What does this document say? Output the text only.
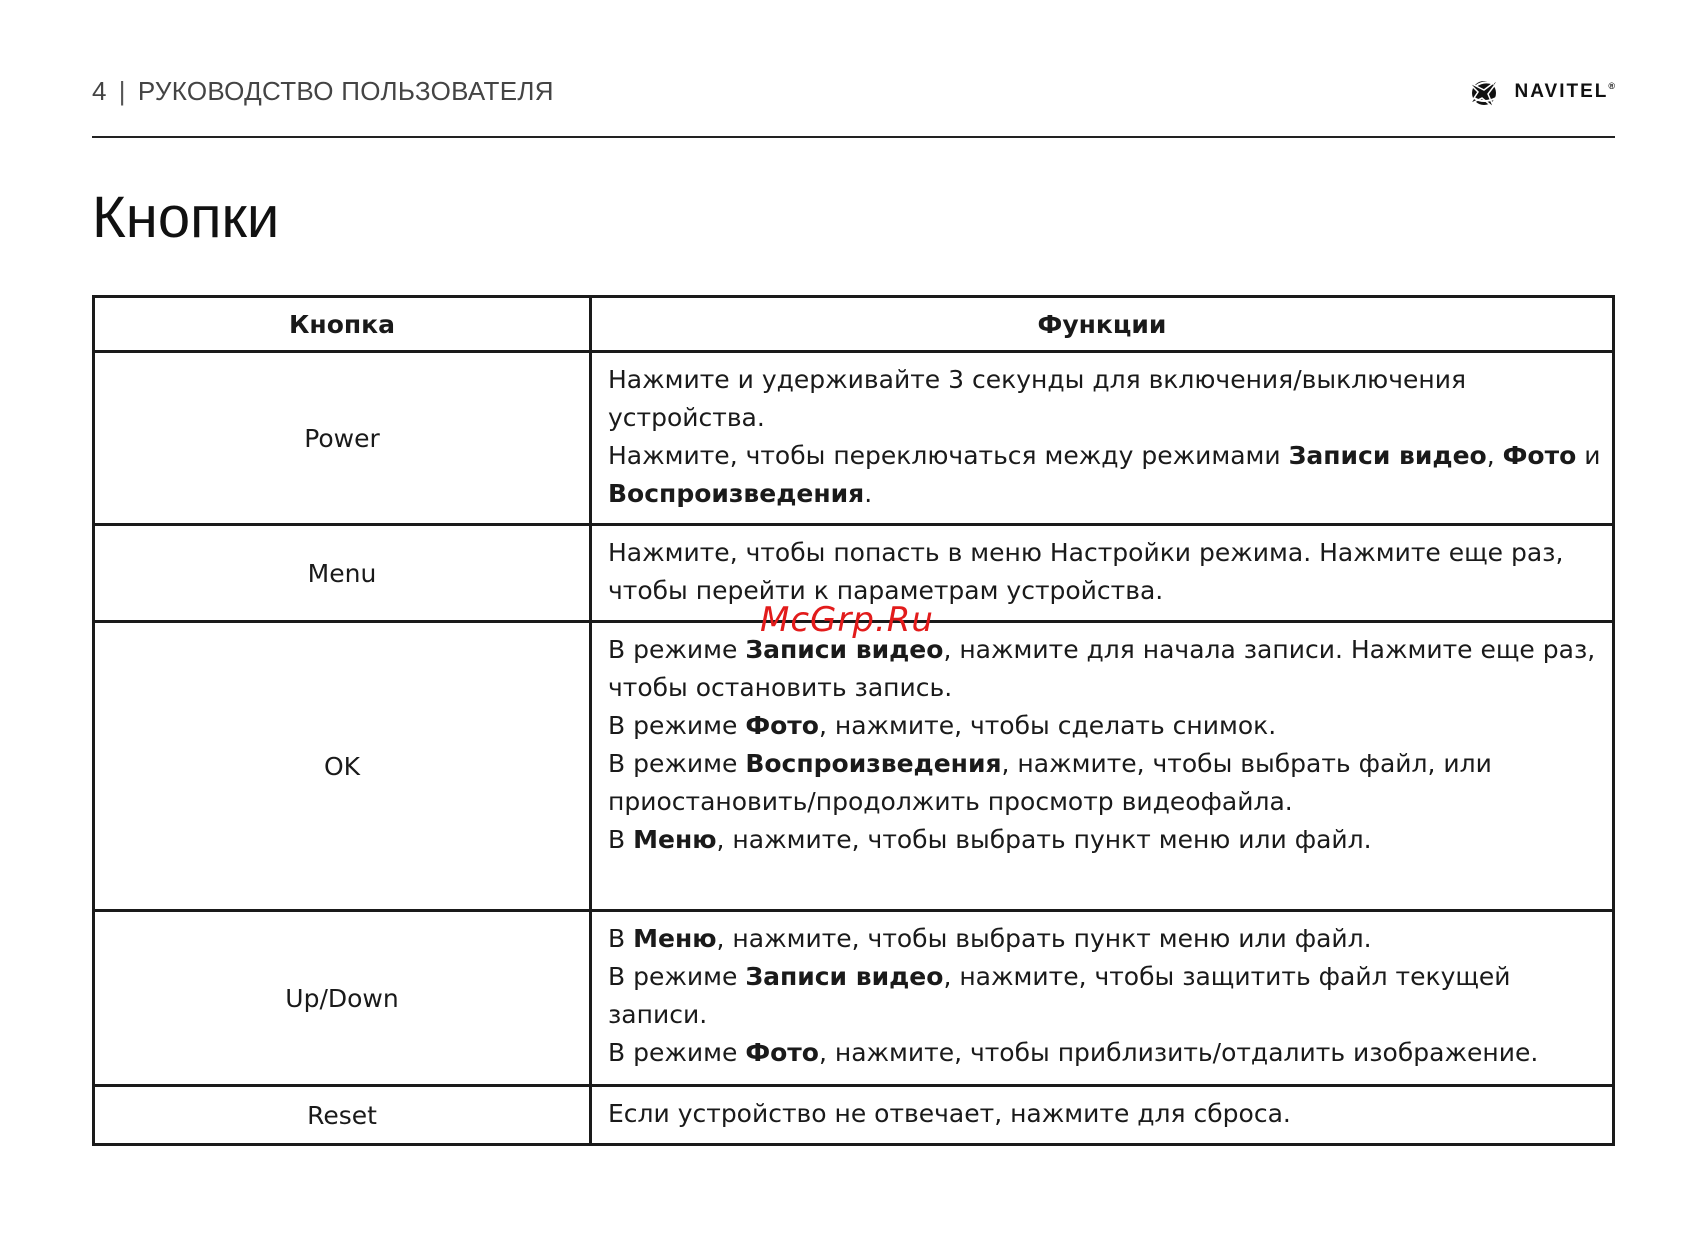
4 | РУКОВОДСТВО ПОЛЬЗОВАТЕЛЯ	NAVITEL®
Кнопки
Кнопка	Функции
Power	Нажмите и удерживайте 3 секунды для включения/выключения устройства.

Нажмите, чтобы переключаться между режимами Записи видео, Фото и Воспроизведения.

Menu	Нажмите, чтобы попасть в меню Настройки режима. Нажмите еще раз, чтобы перейти к параметрам устройства.

OK	В режиме Записи видео, нажмите для начала записи. Нажмите еще раз, чтобы остановить запись.

В режиме Фото, нажмите, чтобы сделать снимок.

В режиме Воспроизведения, нажмите, чтобы выбрать файл, или приостановить/продолжить просмотр видеофайла.

В Меню, нажмите, чтобы выбрать пункт меню или файл.

Up/Down	В Меню, нажмите, чтобы выбрать пункт меню или файл.

В режиме Записи видео, нажмите, чтобы защитить файл текущей записи.

В режиме Фото, нажмите, чтобы приблизить/отдалить изображение.

Reset	Если устройство не отвечает, нажмите для сброса.

McGrp.Ru
